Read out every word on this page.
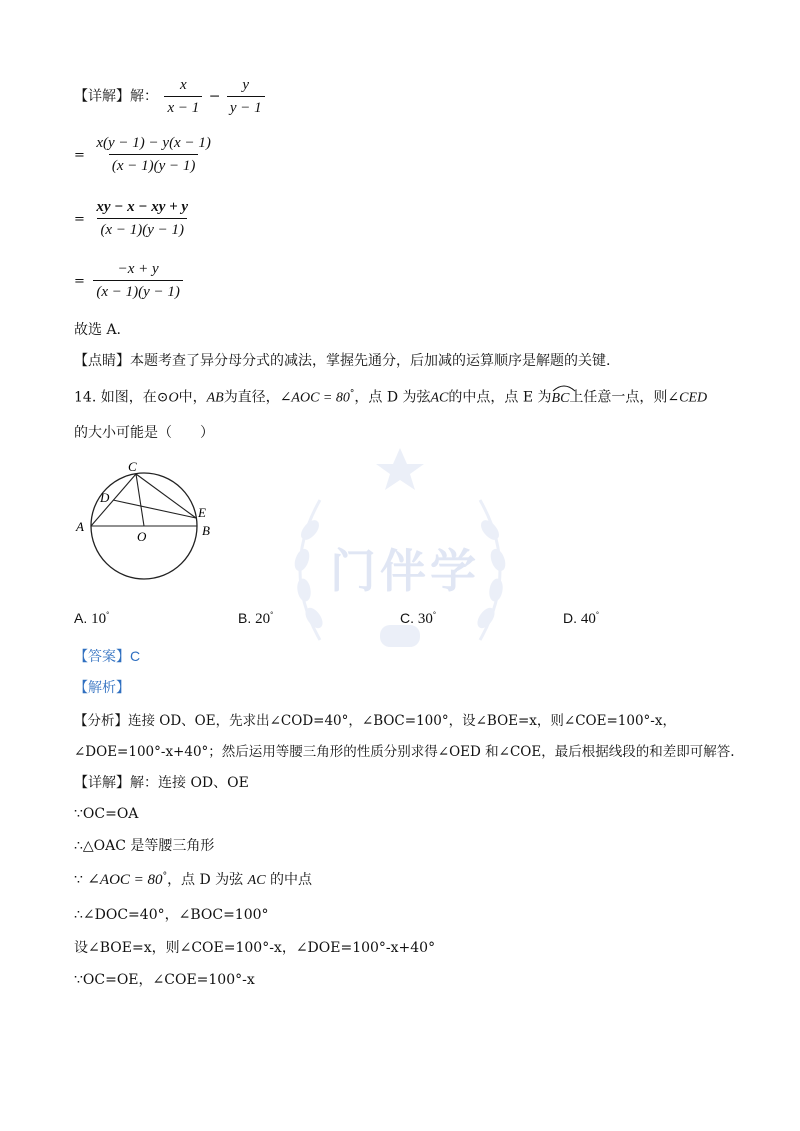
门伴学
【详解】解： $\frac{x}{x - 1} - \frac{y}{y - 1}$
= $\frac{x(y - 1) - y(x - 1)}{(x - 1)(y - 1)}$
= $\frac{xy - x - xy + y}{(x - 1)(y - 1)}$
= $\frac{-x + y}{(x - 1)(y - 1)}$
故选 A.
【点睛】本题考查了异分母分式的减法，掌握先通分，后加减的运算顺序是解题的关键.
14. 如图，在⊙O中，AB为直径，∠AOC = 80°，点 D 为弦AC的中点，点 E 为
BC上任意一点，则∠CED
的大小可能是（　　）
C
D
E
A	B
O
A. 10°	B. 20°	C. 30°	D. 40°
【答案】C
【解析】
【分析】连接 OD、OE，先求出∠COD=40°，∠BOC=100°，设∠BOE=x，则∠COE=100°-x，
∠DOE=100°-x+40°；然后运用等腰三角形的性质分别求得∠OED 和∠COE，最后根据线段的和差即可解答.
【详解】解：连接 OD、OE
∵OC=OA
∴△OAC 是等腰三角形
∵ ∠AOC = 80°，点 D 为弦 AC 的中点
∴∠DOC=40°，∠BOC=100°
设∠BOE=x，则∠COE=100°-x，∠DOE=100°-x+40°
∵OC=OE，∠COE=100°-x
